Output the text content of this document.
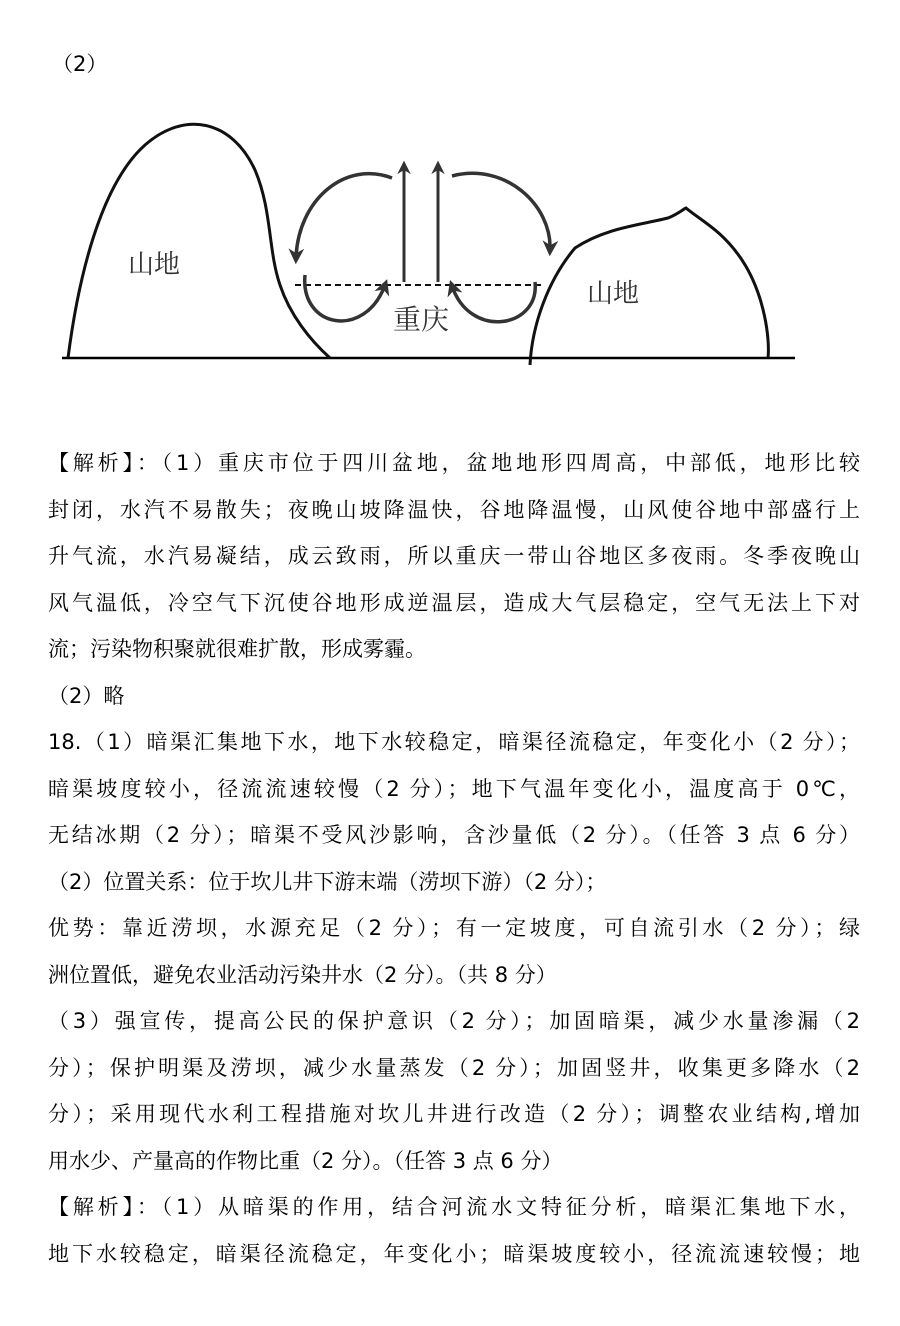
（2）
山地
山地
重庆
【解析】：（1）重庆市位于四川盆地，盆地地形四周高，中部低，地形比较
封闭，水汽不易散失；夜晚山坡降温快，谷地降温慢，山风使谷地中部盛行上
升气流，水汽易凝结，成云致雨，所以重庆一带山谷地区多夜雨。冬季夜晚山
风气温低，冷空气下沉使谷地形成逆温层，造成大气层稳定，空气无法上下对
流；污染物积聚就很难扩散，形成雾霾。
（2）略
18.（1）暗渠汇集地下水，地下水较稳定，暗渠径流稳定，年变化小（2 分）；
暗渠坡度较小，径流流速较慢（2 分）；地下气温年变化小，温度高于 0℃，
无结冰期（2 分）；暗渠不受风沙影响，含沙量低（2 分）。（任答 3 点 6 分）
（2）位置关系：位于坎儿井下游末端（涝坝下游）（2 分）；
优势：靠近涝坝，水源充足（2 分）；有一定坡度，可自流引水（2 分）；绿
洲位置低，避免农业活动污染井水（2 分）。（共 8 分）
（3）强宣传，提高公民的保护意识（2 分）；加固暗渠，减少水量渗漏（2
分）；保护明渠及涝坝，减少水量蒸发（2 分）；加固竖井，收集更多降水（2
分）；采用现代水利工程措施对坎儿井进行改造（2 分）；调整农业结构,增加
用水少、产量高的作物比重（2 分）。（任答 3 点 6 分）
【解析】：（1）从暗渠的作用，结合河流水文特征分析，暗渠汇集地下水，
地下水较稳定，暗渠径流稳定，年变化小；暗渠坡度较小，径流流速较慢；地
